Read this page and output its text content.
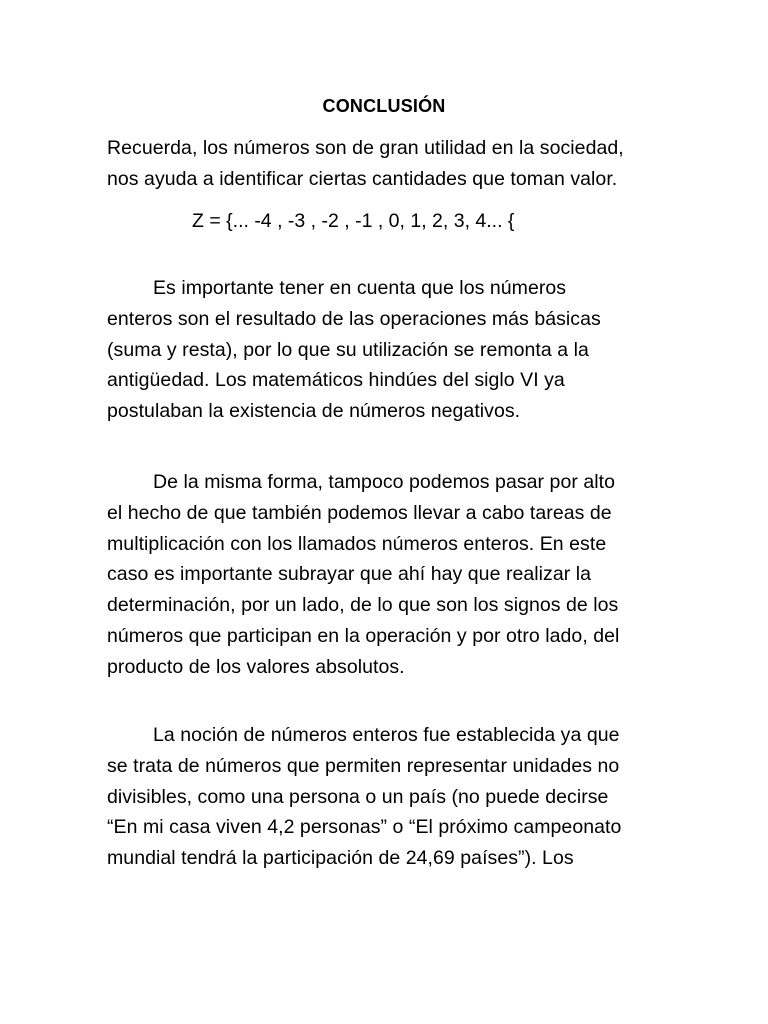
CONCLUSIÓN
Recuerda, los números son de gran utilidad en la sociedad,
nos ayuda a identificar ciertas cantidades que toman valor.
Z = {... -4 , -3 , -2 , -1 , 0, 1, 2, 3, 4... {
Es importante tener en cuenta que los números
enteros son el resultado de las operaciones más básicas
(suma y resta), por lo que su utilización se remonta a la
antigüedad. Los matemáticos hindúes del siglo VI ya
postulaban la existencia de números negativos.
De la misma forma, tampoco podemos pasar por alto
el hecho de que también podemos llevar a cabo tareas de
multiplicación con los llamados números enteros. En este
caso es importante subrayar que ahí hay que realizar la
determinación, por un lado, de lo que son los signos de los
números que participan en la operación y por otro lado, del
producto de los valores absolutos.
La noción de números enteros fue establecida ya que
se trata de números que permiten representar unidades no
divisibles, como una persona o un país (no puede decirse
“En mi casa viven 4,2 personas” o “El próximo campeonato
mundial tendrá la participación de 24,69 países”). Los
